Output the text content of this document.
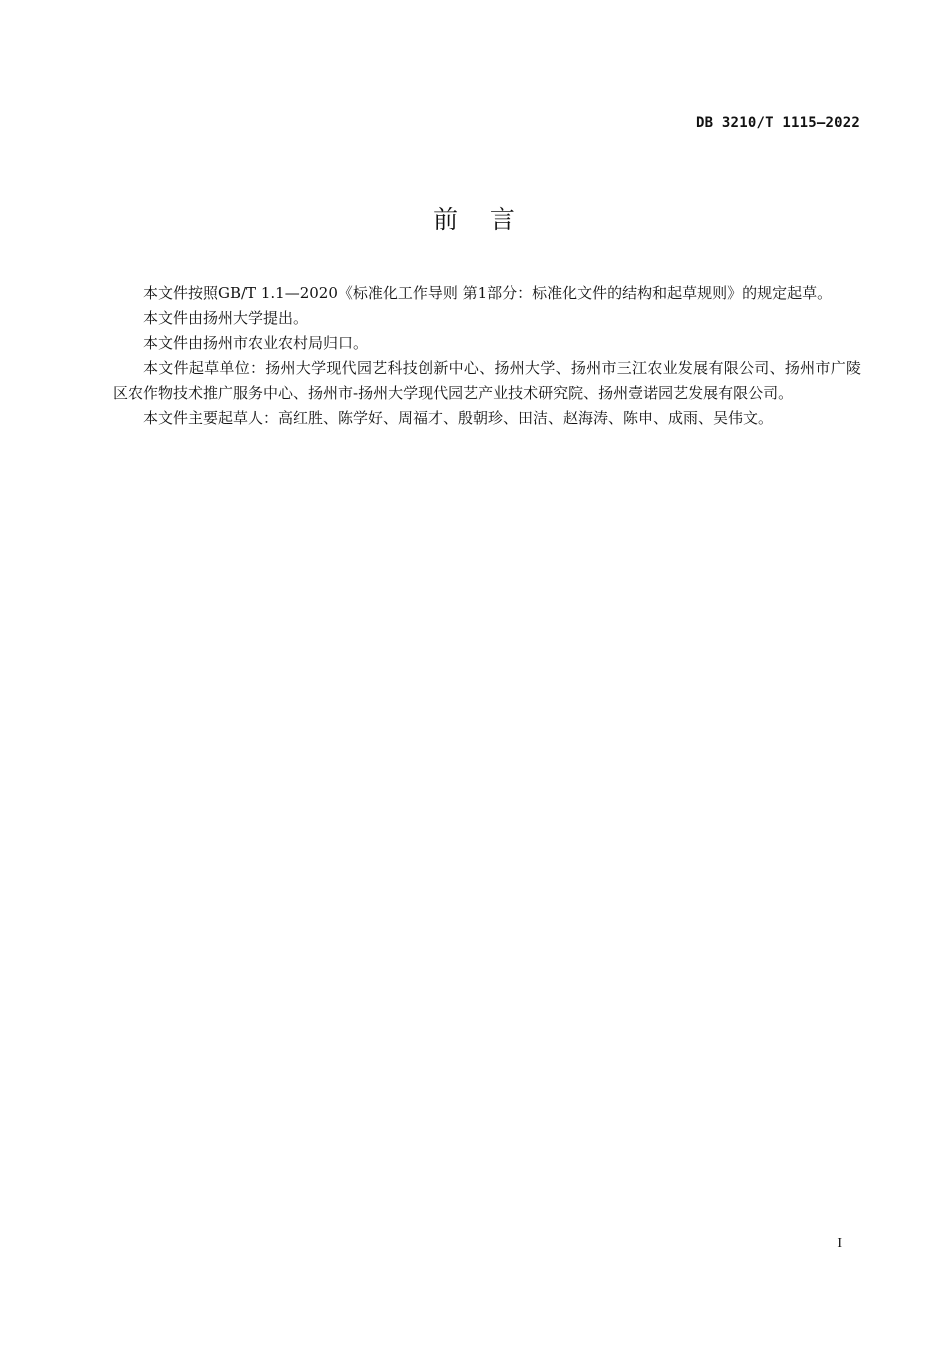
DB 3210/T 1115—2022
前   言

本文件按照GB/T 1.1—2020《标准化工作导则 第1部分：标准化文件的结构和起草规则》的规定起草。

本文件由扬州大学提出。

本文件由扬州市农业农村局归口。

本文件起草单位：扬州大学现代园艺科技创新中心、扬州大学、扬州市三江农业发展有限公司、扬州市广陵区农作物技术推广服务中心、扬州市-扬州大学现代园艺产业技术研究院、扬州壹诺园艺发展有限公司。

本文件主要起草人：高红胜、陈学好、周福才、殷朝珍、田洁、赵海涛、陈申、成雨、吴伟文。

I
